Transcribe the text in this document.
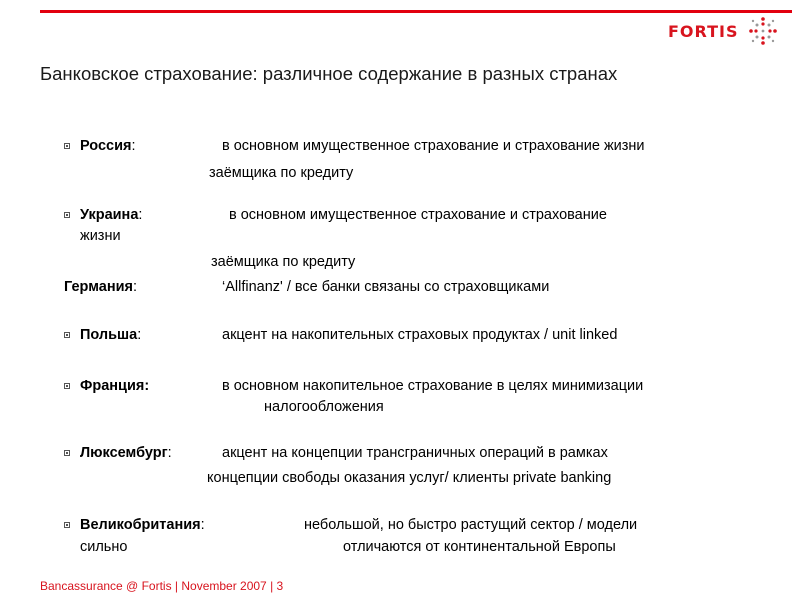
FORTIS
Банковское страхование: различное содержание в разных странах
Россия:	в основном имущественное страхование и страхование жизни
заёмщика по кредиту
Украина:	в основном имущественное страхование и страхование
жизни
заёмщика по кредиту
Германия:	‘Allfinanz' / все банки связаны со страховщиками
Польша:	акцент на накопительных страховых продуктах / unit linked
Франция:	в основном накопительное страхование в целях минимизации
налогообложения
Люксембург:	акцент на концепции трансграничных операций в рамках
концепции свободы оказания услуг/ клиенты private banking
Великобритания:	небольшой, но быстро растущий сектор / модели
сильно	отличаются от континентальной Европы
Bancassurance @ Fortis | November 2007 | 3
